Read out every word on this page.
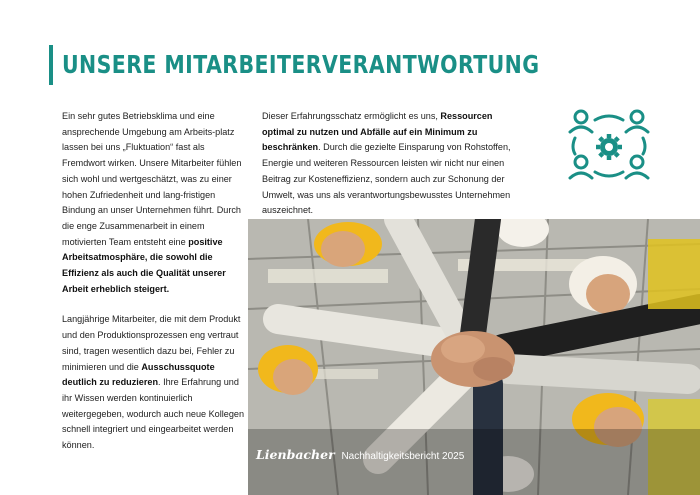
UNSERE MITARBEITERVERANTWORTUNG

Ein sehr gutes Betriebsklima und eine ansprechende Umgebung am Arbeits-platz lassen bei uns „Fluktuation“ fast als Fremdwort wirken. Unsere Mitarbeiter fühlen sich wohl und wertgeschätzt, was zu einer hohen Zufriedenheit und lang-fristigen Bindung an unser Unternehmen führt. Durch die enge Zusammenarbeit in einem motivierten Team entsteht eine positive Arbeitsatmosphäre, die sowohl die Effizienz als auch die Qualität unserer Arbeit erheblich steigert.

Langjährige Mitarbeiter, die mit dem Produkt und den Produktionsprozessen eng vertraut sind, tragen wesentlich dazu bei, Fehler zu minimieren und die Ausschussquote deutlich zu reduzieren. Ihre Erfahrung und ihr Wissen werden kontinuierlich weitergegeben, wodurch auch neue Kollegen schnell integriert und eingearbeitet werden können.

Dieser Erfahrungsschatz ermöglicht es uns, Ressourcen optimal zu nutzen und Abfälle auf ein Minimum zu beschränken. Durch die gezielte Einsparung von Rohstoffen, Energie und weiteren Ressourcen leisten wir nicht nur einen Beitrag zur Kosteneffizienz, sondern auch zur Schonung der Umwelt, was uns als verantwortungsbewusstes Unternehmen auszeichnet.

Lienbacher Nachhaltigkeitsbericht 2025
